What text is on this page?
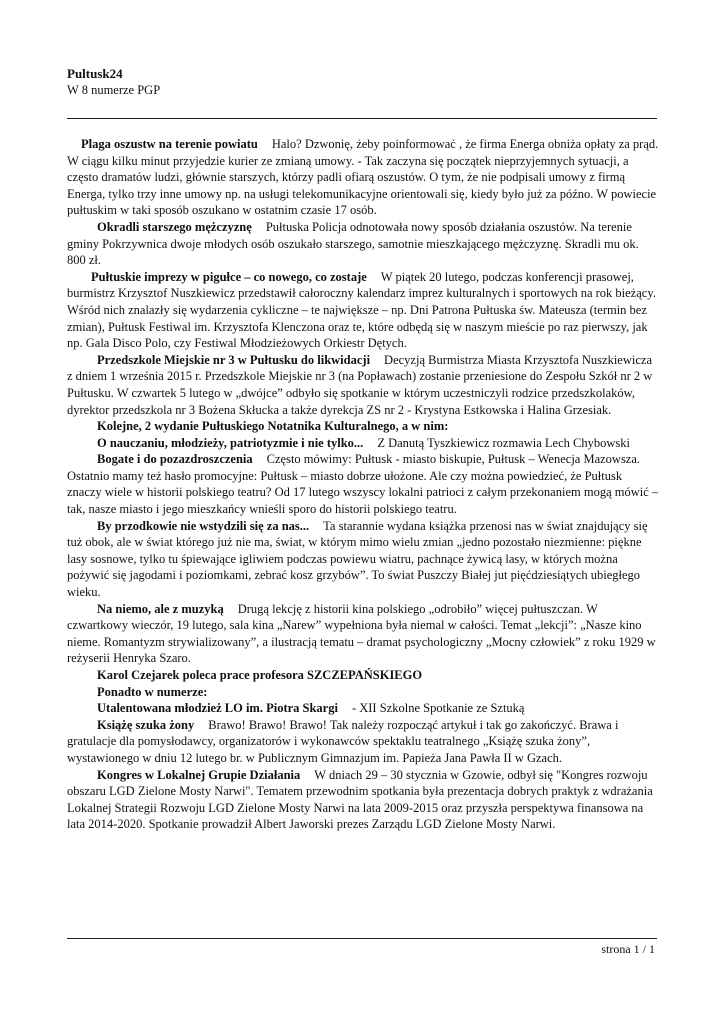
Pultusk24
W 8 numerze PGP

Plaga oszustw na terenie powiatu Halo? Dzwonię, żeby poinformować , że firma Energa obniża opłaty za prąd. W ciągu kilku minut przyjedzie kurier ze zmianą umowy. - Tak zaczyna się początek nieprzyjemnych sytuacji, a często dramatów ludzi, głównie starszych, którzy padli ofiarą oszustów. O tym, że nie podpisali umowy z firmą Energa, tylko trzy inne umowy np. na usługi telekomunikacyjne orientowali się, kiedy było już za późno. W powiecie pułtuskim w taki sposób oszukano w ostatnim czasie 17 osób.

Okradli starszego mężczyznę Pułtuska Policja odnotowała nowy sposób działania oszustów. Na terenie gminy Pokrzywnica dwoje młodych osób oszukało starszego, samotnie mieszkającego mężczyznę. Skradli mu ok. 800 zł.

Pułtuskie imprezy w pigułce – co nowego, co zostaje W piątek 20 lutego, podczas konferencji prasowej, burmistrz Krzysztof Nuszkiewicz przedstawił całoroczny kalendarz imprez kulturalnych i sportowych na rok bieżący. Wśród nich znalazły się wydarzenia cykliczne – te największe – np. Dni Patrona Pułtuska św. Mateusza (termin bez zmian), Pułtusk Festiwal im. Krzysztofa Klenczona oraz te, które odbędą się w naszym mieście po raz pierwszy, jak np. Gala Disco Polo, czy Festiwal Młodzieżowych Orkiestr Dętych.

Przedszkole Miejskie nr 3 w Pułtusku do likwidacji Decyzją Burmistrza Miasta Krzysztofa Nuszkiewicza z dniem 1 września 2015 r. Przedszkole Miejskie nr 3 (na Popławach) zostanie przeniesione do Zespołu Szkół nr 2 w Pułtusku. W czwartek 5 lutego w „dwójce” odbyło się spotkanie w którym uczestniczyli rodzice przedszkolaków, dyrektor przedszkola nr 3 Bożena Skłucka a także dyrekcja ZS nr 2 - Krystyna Estkowska i Halina Grzesiak.

Kolejne, 2 wydanie Pułtuskiego Notatnika Kulturalnego, a w nim:

O nauczaniu, młodzieży, patriotyzmie i nie tylko... Z Danutą Tyszkiewicz rozmawia Lech Chybowski

Bogate i do pozazdroszczenia Często mówimy: Pułtusk - miasto biskupie, Pułtusk – Wenecja Mazowsza. Ostatnio mamy też hasło promocyjne: Pułtusk – miasto dobrze ułożone. Ale czy można powiedzieć, że Pułtusk znaczy wiele w historii polskiego teatru? Od 17 lutego wszyscy lokalni patrioci z całym przekonaniem mogą mówić – tak, nasze miasto i jego mieszkańcy wnieśli sporo do historii polskiego teatru.

By przodkowie nie wstydzili się za nas... Ta starannie wydana książka przenosi nas w świat znajdujący się tuż obok, ale w świat którego już nie ma, świat, w którym mimo wielu zmian „jedno pozostało niezmienne: piękne lasy sosnowe, tylko tu śpiewające igliwiem podczas powiewu wiatru, pachnące żywicą lasy, w których można pożywić się jagodami i poziomkami, zebrać kosz grzybów”. To świat Puszczy Białej jut pięćdziesiątych ubiegłego wieku.

Na niemo, ale z muzyką Drugą lekcję z historii kina polskiego „odrobiło” więcej pułtuszczan. W czwartkowy wieczór, 19 lutego, sala kina „Narew” wypełniona była niemal w całości. Temat „lekcji”: „Nasze kino nieme. Romantyzm strywializowany”, a ilustracją tematu – dramat psychologiczny „Mocny człowiek” z roku 1929 w reżyserii Henryka Szaro.

Karol Czejarek poleca prace profesora SZCZEPAŃSKIEGO

Ponadto w numerze:

Utalentowana młodzież LO im. Piotra Skargi - XII Szkolne Spotkanie ze Sztuką

Książę szuka żony Brawo! Brawo! Brawo! Tak należy rozpocząć artykuł i tak go zakończyć. Brawa i gratulacje dla pomysłodawcy, organizatorów i wykonawców spektaklu teatralnego „Książę szuka żony”, wystawionego w dniu 12 lutego br. w Publicznym Gimnazjum im. Papieża Jana Pawła II w Gzach.

Kongres w Lokalnej Grupie Działania W dniach 29 – 30 stycznia w Gzowie, odbył się "Kongres rozwoju obszaru LGD Zielone Mosty Narwi". Tematem przewodnim spotkania była prezentacja dobrych praktyk z wdrażania Lokalnej Strategii Rozwoju LGD Zielone Mosty Narwi na lata 2009-2015 oraz przyszła perspektywa finansowa na lata 2014-2020. Spotkanie prowadził Albert Jaworski prezes Zarządu LGD Zielone Mosty Narwi.

strona 1 / 1
